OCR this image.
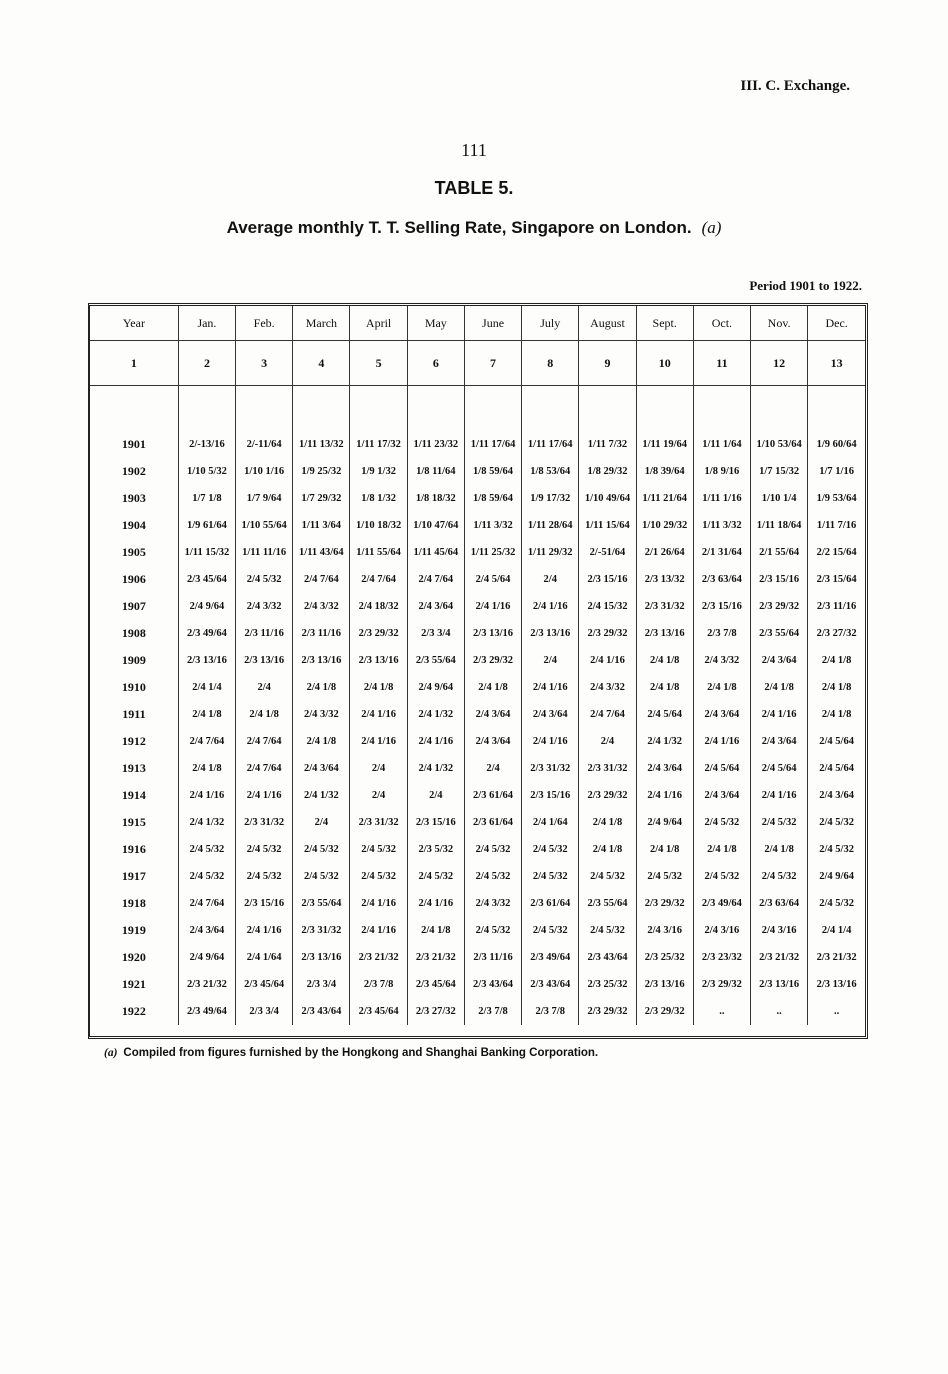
III. C. Exchange.
111
TABLE 5.
Average monthly T. T. Selling Rate, Singapore on London. (a)
Period 1901 to 1922.
Year	Jan.	Feb.	March	April	May	June	July	August	Sept.	Oct.	Nov.	Dec.
1	2	3	4	5	6	7	8	9	10	11	12	13

1901	2/-13/16	2/-11/64	1/11 13/32	1/11 17/32	1/11 23/32	1/11 17/64	1/11 17/64	1/11 7/32	1/11 19/64	1/11 1/64	1/10 53/64	1/9 60/64
1902	1/10 5/32	1/10 1/16	1/9 25/32	1/9 1/32	1/8 11/64	1/8 59/64	1/8 53/64	1/8 29/32	1/8 39/64	1/8 9/16	1/7 15/32	1/7 1/16
1903	1/7 1/8	1/7 9/64	1/7 29/32	1/8 1/32	1/8 18/32	1/8 59/64	1/9 17/32	1/10 49/64	1/11 21/64	1/11 1/16	1/10 1/4	1/9 53/64
1904	1/9 61/64	1/10 55/64	1/11 3/64	1/10 18/32	1/10 47/64	1/11 3/32	1/11 28/64	1/11 15/64	1/10 29/32	1/11 3/32	1/11 18/64	1/11 7/16
1905	1/11 15/32	1/11 11/16	1/11 43/64	1/11 55/64	1/11 45/64	1/11 25/32	1/11 29/32	2/-51/64	2/1 26/64	2/1 31/64	2/1 55/64	2/2 15/64
1906	2/3 45/64	2/4 5/32	2/4 7/64	2/4 7/64	2/4 7/64	2/4 5/64	2/4	2/3 15/16	2/3 13/32	2/3 63/64	2/3 15/16	2/3 15/64
1907	2/4 9/64	2/4 3/32	2/4 3/32	2/4 18/32	2/4 3/64	2/4 1/16	2/4 1/16	2/4 15/32	2/3 31/32	2/3 15/16	2/3 29/32	2/3 11/16
1908	2/3 49/64	2/3 11/16	2/3 11/16	2/3 29/32	2/3 3/4	2/3 13/16	2/3 13/16	2/3 29/32	2/3 13/16	2/3 7/8	2/3 55/64	2/3 27/32
1909	2/3 13/16	2/3 13/16	2/3 13/16	2/3 13/16	2/3 55/64	2/3 29/32	2/4	2/4 1/16	2/4 1/8	2/4 3/32	2/4 3/64	2/4 1/8
1910	2/4 1/4	2/4	2/4 1/8	2/4 1/8	2/4 9/64	2/4 1/8	2/4 1/16	2/4 3/32	2/4 1/8	2/4 1/8	2/4 1/8	2/4 1/8
1911	2/4 1/8	2/4 1/8	2/4 3/32	2/4 1/16	2/4 1/32	2/4 3/64	2/4 3/64	2/4 7/64	2/4 5/64	2/4 3/64	2/4 1/16	2/4 1/8
1912	2/4 7/64	2/4 7/64	2/4 1/8	2/4 1/16	2/4 1/16	2/4 3/64	2/4 1/16	2/4	2/4 1/32	2/4 1/16	2/4 3/64	2/4 5/64
1913	2/4 1/8	2/4 7/64	2/4 3/64	2/4	2/4 1/32	2/4	2/3 31/32	2/3 31/32	2/4 3/64	2/4 5/64	2/4 5/64	2/4 5/64
1914	2/4 1/16	2/4 1/16	2/4 1/32	2/4	2/4	2/3 61/64	2/3 15/16	2/3 29/32	2/4 1/16	2/4 3/64	2/4 1/16	2/4 3/64
1915	2/4 1/32	2/3 31/32	2/4	2/3 31/32	2/3 15/16	2/3 61/64	2/4 1/64	2/4 1/8	2/4 9/64	2/4 5/32	2/4 5/32	2/4 5/32
1916	2/4 5/32	2/4 5/32	2/4 5/32	2/4 5/32	2/3 5/32	2/4 5/32	2/4 5/32	2/4 1/8	2/4 1/8	2/4 1/8	2/4 1/8	2/4 5/32
1917	2/4 5/32	2/4 5/32	2/4 5/32	2/4 5/32	2/4 5/32	2/4 5/32	2/4 5/32	2/4 5/32	2/4 5/32	2/4 5/32	2/4 5/32	2/4 9/64
1918	2/4 7/64	2/3 15/16	2/3 55/64	2/4 1/16	2/4 1/16	2/4 3/32	2/3 61/64	2/3 55/64	2/3 29/32	2/3 49/64	2/3 63/64	2/4 5/32
1919	2/4 3/64	2/4 1/16	2/3 31/32	2/4 1/16	2/4 1/8	2/4 5/32	2/4 5/32	2/4 5/32	2/4 3/16	2/4 3/16	2/4 3/16	2/4 1/4
1920	2/4 9/64	2/4 1/64	2/3 13/16	2/3 21/32	2/3 21/32	2/3 11/16	2/3 49/64	2/3 43/64	2/3 25/32	2/3 23/32	2/3 21/32	2/3 21/32
1921	2/3 21/32	2/3 45/64	2/3 3/4	2/3 7/8	2/3 45/64	2/3 43/64	2/3 43/64	2/3 25/32	2/3 13/16	2/3 29/32	2/3 13/16	2/3 13/16
1922	2/3 49/64	2/3 3/4	2/3 43/64	2/3 45/64	2/3 27/32	2/3 7/8	2/3 7/8	2/3 29/32	2/3 29/32	..	..	..
(a) Compiled from figures furnished by the Hongkong and Shanghai Banking Corporation.
